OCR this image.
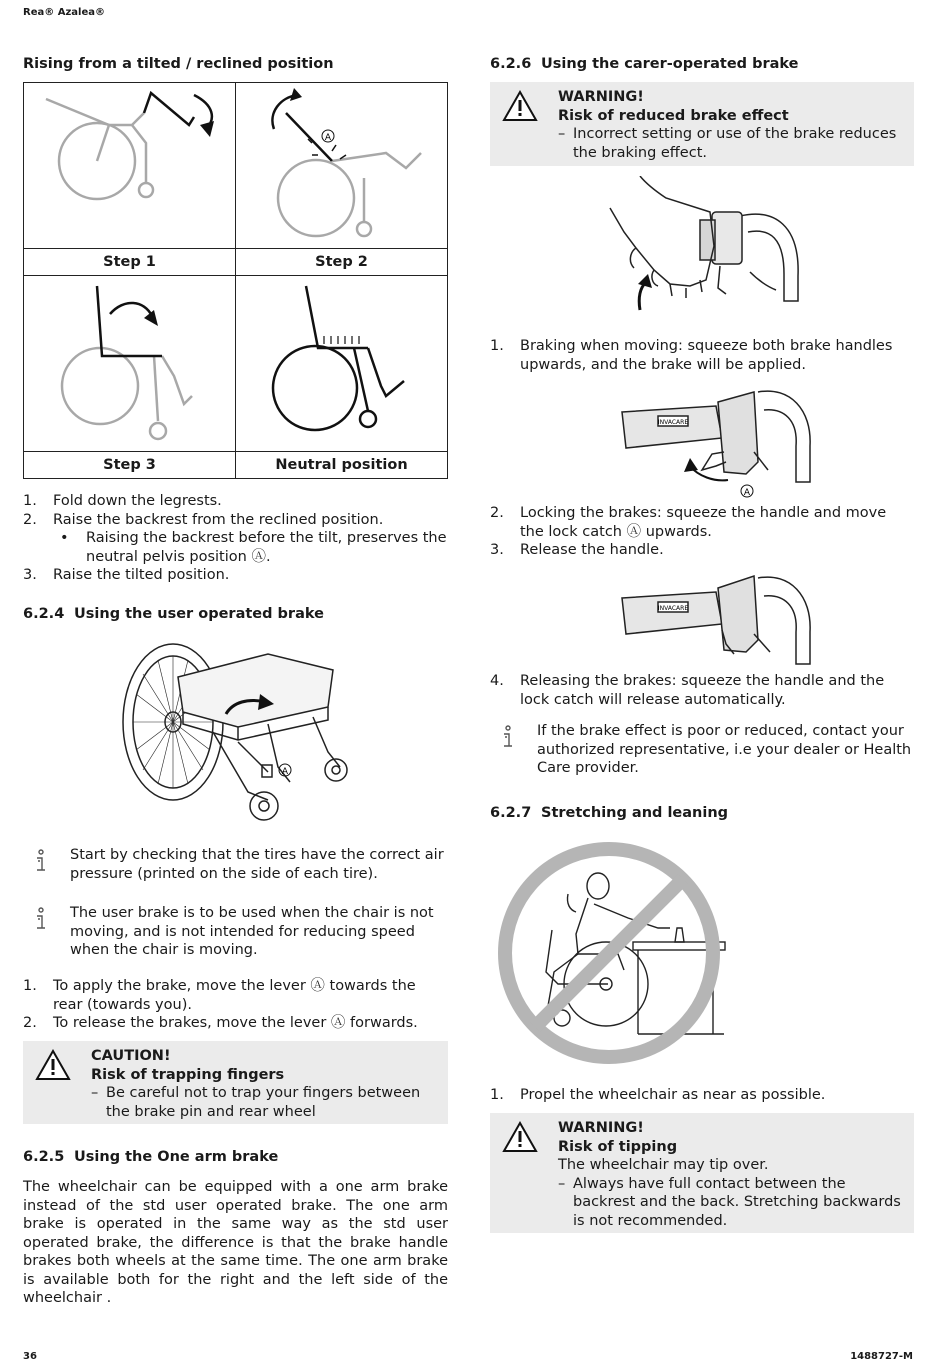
Rea® Azalea®
36	1488727-M
Rising from a tilted / reclined position
A
Step 1	Step 2
Step 3	Neutral position
1. Fold down the legrests.
2. Raise the backrest from the reclined position.
• Raising the backrest before the tilt, preserves the neutral pelvis position Ⓐ.
3. Raise the tilted position.
6.2.4 Using the user operated brake
A
Start by checking that the tires have the correct air pressure (printed on the side of each tire).
The user brake is to be used when the chair is not moving, and is not intended for reducing speed when the chair is moving.
1. To apply the brake, move the lever Ⓐ towards the rear (towards you).
2. To release the brakes, move the lever Ⓐ forwards.
CAUTION!
Risk of trapping fingers
– Be careful not to trap your fingers between the brake pin and rear wheel
6.2.5 Using the One arm brake
The wheelchair can be equipped with a one arm brake instead of the std user operated brake. The one arm brake is operated in the same way as the std user operated brake, the difference is that the brake handle brakes both wheels at the same time. The one arm brake is available both for the right and the left side of the wheelchair .
6.2.6 Using the carer-operated brake
WARNING!
Risk of reduced brake effect
– Incorrect setting or use of the brake reduces the braking effect.
1. Braking when moving: squeeze both brake handles upwards, and the brake will be applied.
INVACARE
A
2. Locking the brakes: squeeze the handle and move the lock catch Ⓐ upwards.
3. Release the handle.
INVACARE
4. Releasing the brakes: squeeze the handle and the lock catch will release automatically.
If the brake effect is poor or reduced, contact your authorized representative, i.e your dealer or Health Care provider.
6.2.7 Stretching and leaning
1. Propel the wheelchair as near as possible.
WARNING!
Risk of tipping
The wheelchair may tip over.
– Always have full contact between the backrest and the back. Stretching backwards is not recommended.
